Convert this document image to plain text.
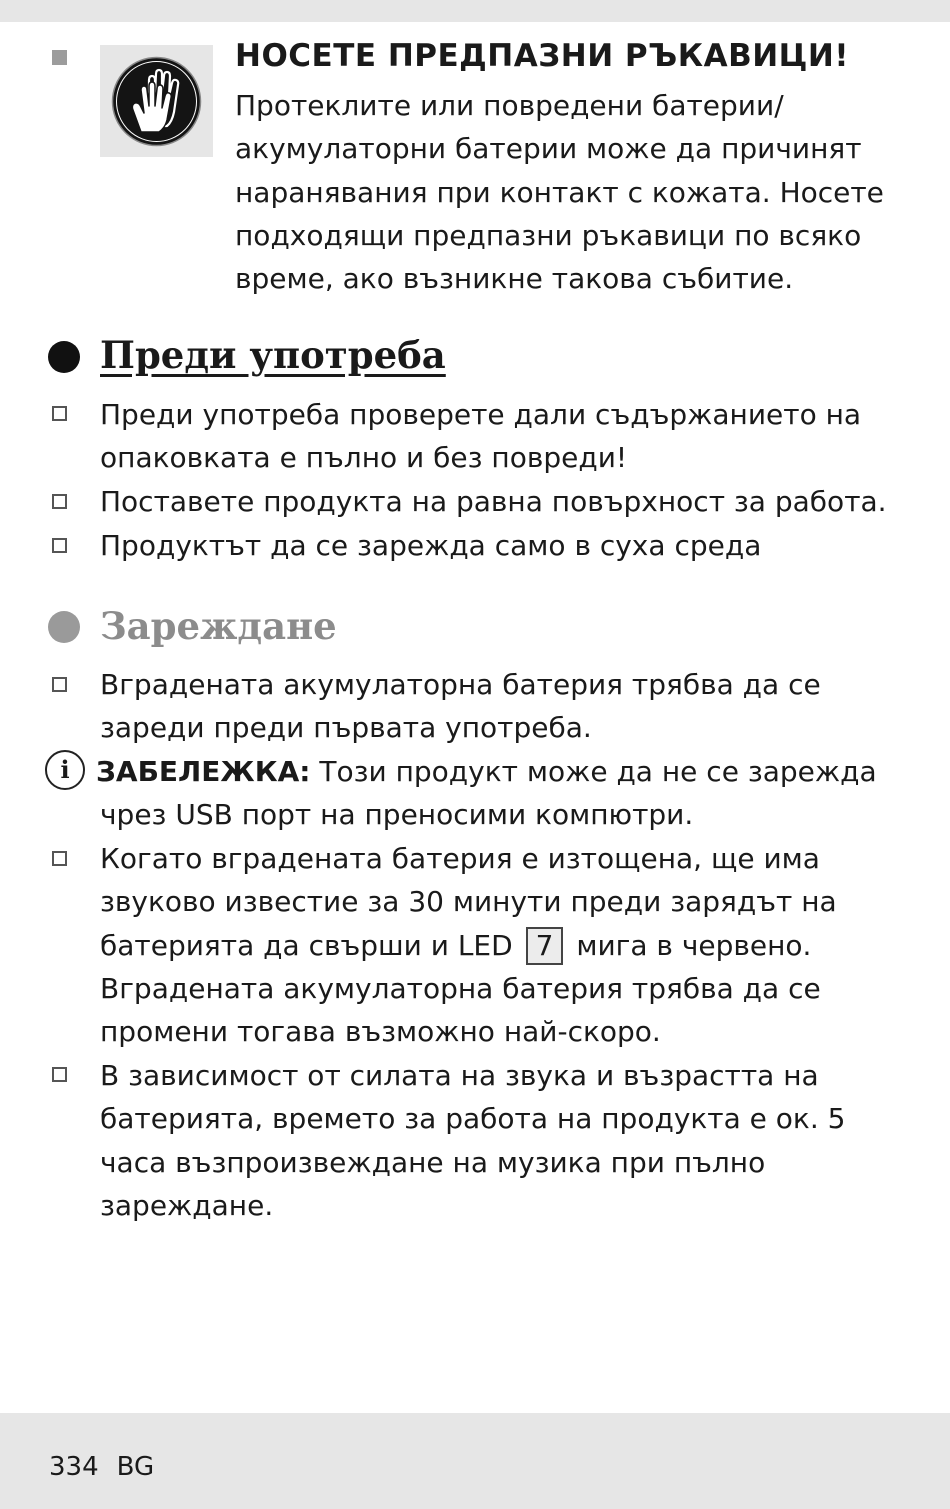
НОСЕТЕ ПРЕДПАЗНИ РЪКАВИЦИ!
Протеклите или повредени батерии/ акумулаторни батерии може да причинят наранявания при контакт с кожата. Носете подходящи предпазни ръкавици по всяко време, ако възникне такова събитие.
Преди употреба
Преди употреба проверете дали съдържанието на опаковката е пълно и без повреди!
Поставете продукта на равна повърхност за работа.
Продуктът да се зарежда само в суха среда
Зареждане
Вградената акумулаторна батерия трябва да се зареди преди първата употреба.
i ЗАБЕЛЕЖКА: Този продукт може да не се зарежда чрез USB порт на преносими компютри.
Когато вградената батерия е изтощена, ще има звуково известие за 30 минути преди зарядът на батерията да свърши и LED 7 мига в червено. Вградената акумулаторна батерия трябва да се промени тогава възможно най-скоро.
В зависимост от силата на звука и възрастта на батерията, времето за работа на продукта е ок. 5 часа възпроизвеждане на музика при пълно зареждане.
334 BG
